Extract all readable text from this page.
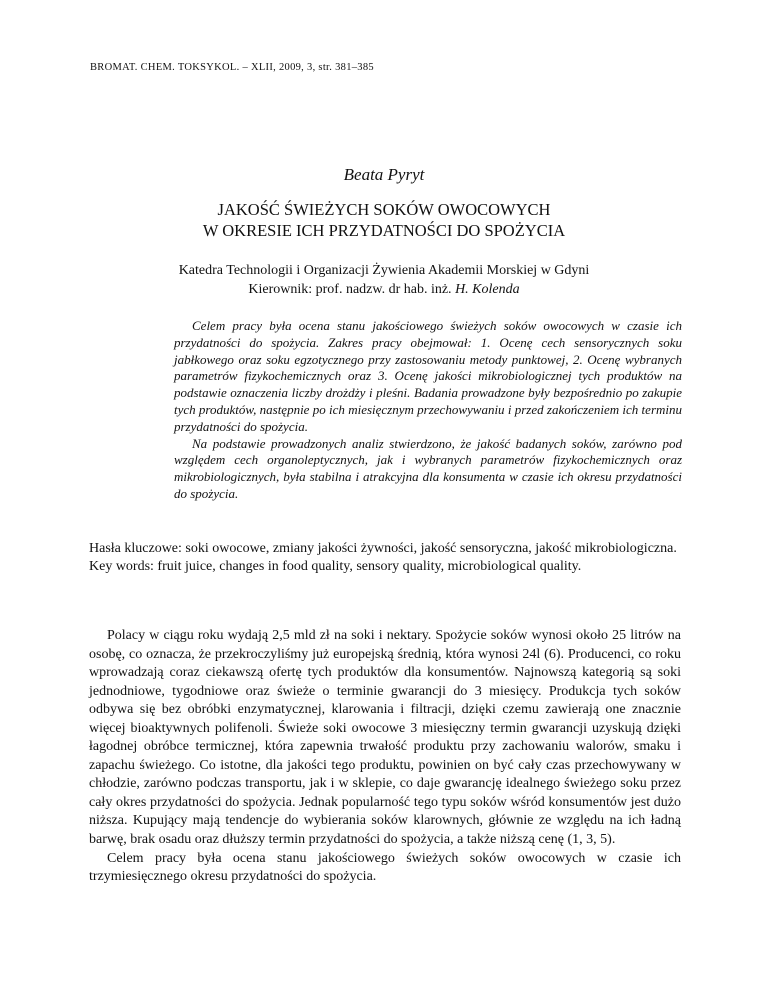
BROMAT. CHEM. TOKSYKOL. – XLII, 2009, 3, str. 381–385
Beata Pyryt
JAKOŚĆ ŚWIEŻYCH SOKÓW OWOCOWYCH
W OKRESIE ICH PRZYDATNOŚCI DO SPOŻYCIA
Katedra Technologii i Organizacji Żywienia Akademii Morskiej w Gdyni
Kierownik: prof. nadzw. dr hab. inż. H. Kolenda

Celem pracy była ocena stanu jakościowego świeżych soków owocowych w czasie ich przydatności do spożycia. Zakres pracy obejmował: 1. Ocenę cech sensorycznych soku jabłkowego oraz soku egzotycznego przy zastosowaniu metody punktowej, 2. Ocenę wybranych parametrów fizykochemicznych oraz 3. Ocenę jakości mikrobiologicznej tych produktów na podstawie oznaczenia liczby drożdży i pleśni. Badania prowadzone były bezpośrednio po zakupie tych produktów, następnie po ich miesięcznym przechowywaniu i przed zakończeniem ich terminu przydatności do spożycia.

Na podstawie prowadzonych analiz stwierdzono, że jakość badanych soków, zarówno pod względem cech organoleptycznych, jak i wybranych parametrów fizykochemicznych oraz mikrobiologicznych, była stabilna i atrakcyjna dla konsumenta w czasie ich okresu przydatności do spożycia.

Hasła kluczowe: soki owocowe, zmiany jakości żywności, jakość sensoryczna, jakość mikrobiologiczna.

Key words: fruit juice, changes in food quality, sensory quality, microbiological quality.

Polacy w ciągu roku wydają 2,5 mld zł na soki i nektary. Spożycie soków wynosi około 25 litrów na osobę, co oznacza, że przekroczyliśmy już europejską średnią, która wynosi 24l (6). Producenci, co roku wprowadzają coraz ciekawszą ofertę tych produktów dla konsumentów. Najnowszą kategorią są soki jednodniowe, tygodniowe oraz świeże o terminie gwarancji do 3 miesięcy. Produkcja tych soków odbywa się bez obróbki enzymatycznej, klarowania i filtracji, dzięki czemu zawierają one znacznie więcej bioaktywnych polifenoli. Świeże soki owocowe 3 miesięczny termin gwarancji uzyskują dzięki łagodnej obróbce termicznej, która zapewnia trwałość produktu przy zachowaniu walorów, smaku i zapachu świeżego. Co istotne, dla jakości tego produktu, powinien on być cały czas przechowywany w chłodzie, zarówno podczas transportu, jak i w sklepie, co daje gwarancję idealnego świeżego soku przez cały okres przydatności do spożycia. Jednak popularność tego typu soków wśród konsumentów jest dużo niższa. Kupujący mają tendencje do wybierania soków klarownych, głównie ze względu na ich ładną barwę, brak osadu oraz dłuższy termin przydatności do spożycia, a także niższą cenę (1, 3, 5).

Celem pracy była ocena stanu jakościowego świeżych soków owocowych w czasie ich trzymiesięcznego okresu przydatności do spożycia.
